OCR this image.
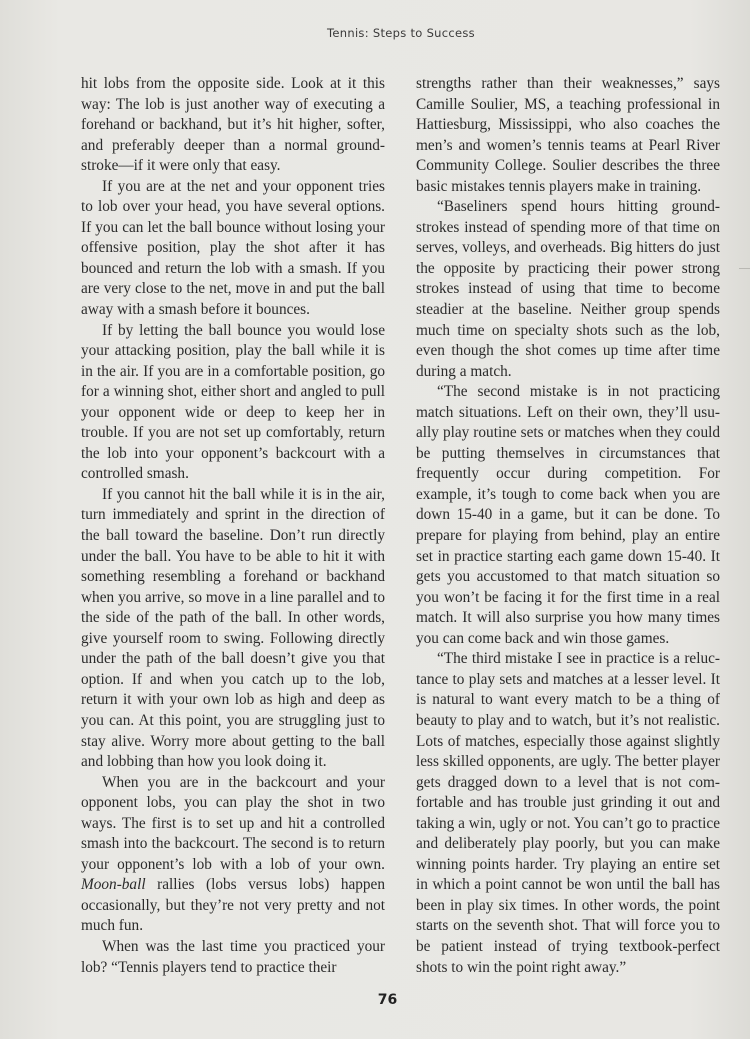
Tennis: Steps to Success

hit lobs from the opposite side. Look at it this way: The lob is just another way of executing a forehand or backhand, but it’s hit higher, softer, and preferably deeper than a normal ground-stroke—if it were only that easy.

If you are at the net and your opponent tries to lob over your head, you have several options. If you can let the ball bounce without losing your offensive position, play the shot after it has bounced and return the lob with a smash. If you are very close to the net, move in and put the ball away with a smash before it bounces.

If by letting the ball bounce you would lose your attacking position, play the ball while it is in the air. If you are in a comfortable position, go for a winning shot, either short and angled to pull your opponent wide or deep to keep her in trouble. If you are not set up comfortably, return the lob into your opponent’s backcourt with a controlled smash.

If you cannot hit the ball while it is in the air, turn immediately and sprint in the direction of the ball toward the baseline. Don’t run directly under the ball. You have to be able to hit it with something resembling a forehand or backhand when you arrive, so move in a line parallel and to the side of the path of the ball. In other words, give yourself room to swing. Following directly under the path of the ball doesn’t give you that option. If and when you catch up to the lob, return it with your own lob as high and deep as you can. At this point, you are struggling just to stay alive. Worry more about getting to the ball and lobbing than how you look doing it.

When you are in the backcourt and your opponent lobs, you can play the shot in two ways. The first is to set up and hit a controlled smash into the backcourt. The second is to return your opponent’s lob with a lob of your own. Moon-ball rallies (lobs versus lobs) happen occasionally, but they’re not very pretty and not much fun.

When was the last time you practiced your lob? “Tennis players tend to practice their

strengths rather than their weaknesses,” says Camille Soulier, MS, a teaching professional in Hattiesburg, Mississippi, who also coaches the men’s and women’s tennis teams at Pearl River Community College. Soulier describes the three basic mistakes tennis players make in training.

“Baseliners spend hours hitting ground-strokes instead of spending more of that time on serves, volleys, and overheads. Big hitters do just the opposite by practicing their power strong strokes instead of using that time to become steadier at the baseline. Neither group spends much time on specialty shots such as the lob, even though the shot comes up time after time during a match.

“The second mistake is in not practicing match situations. Left on their own, they’ll usu-ally play routine sets or matches when they could be putting themselves in circumstances that frequently occur during competition. For example, it’s tough to come back when you are down 15-40 in a game, but it can be done. To prepare for playing from behind, play an entire set in practice starting each game down 15-40. It gets you accustomed to that match situation so you won’t be facing it for the first time in a real match. It will also surprise you how many times you can come back and win those games.

“The third mistake I see in practice is a reluc-tance to play sets and matches at a lesser level. It is natural to want every match to be a thing of beauty to play and to watch, but it’s not realistic. Lots of matches, especially those against slightly less skilled opponents, are ugly. The better player gets dragged down to a level that is not com-fortable and has trouble just grinding it out and taking a win, ugly or not. You can’t go to practice and deliberately play poorly, but you can make winning points harder. Try playing an entire set in which a point cannot be won until the ball has been in play six times. In other words, the point starts on the seventh shot. That will force you to be patient instead of trying textbook-perfect shots to win the point right away.”

76
